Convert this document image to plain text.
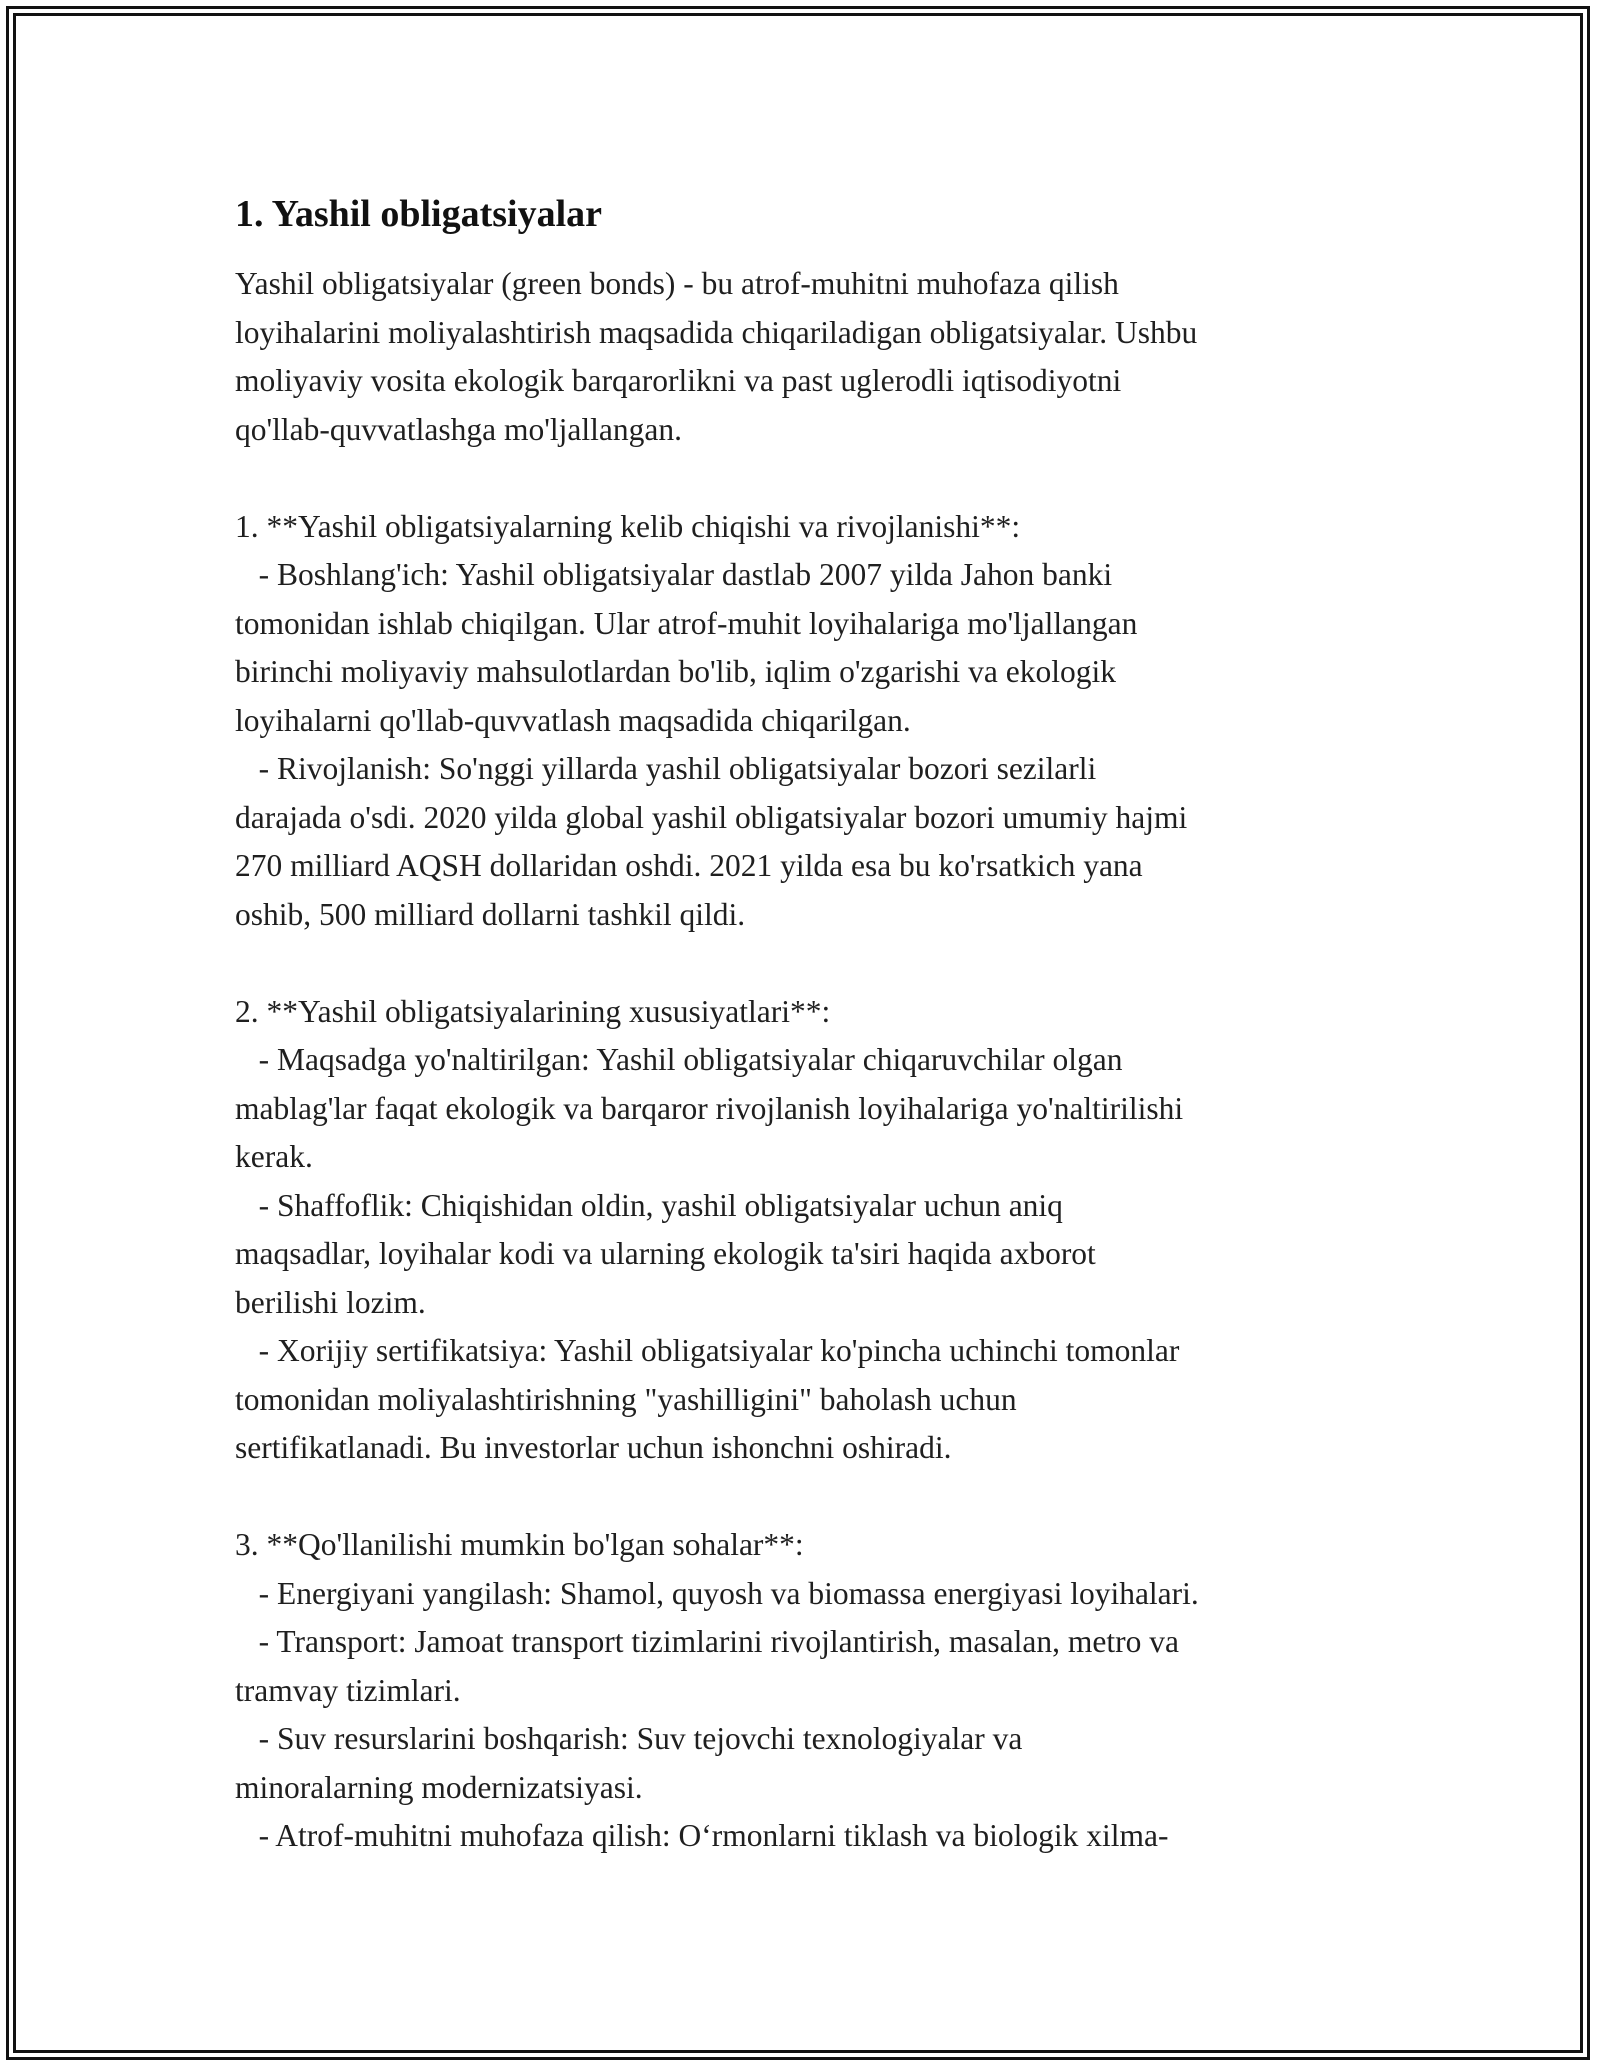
1. Yashil obligatsiyalar
Yashil obligatsiyalar (green bonds) - bu atrof-muhitni muhofaza qilish
loyihalarini moliyalashtirish maqsadida chiqariladigan obligatsiyalar. Ushbu
moliyaviy vosita ekologik barqarorlikni va past uglerodli iqtisodiyotni
qo'llab-quvvatlashga mo'ljallangan.
1. **Yashil obligatsiyalarning kelib chiqishi va rivojlanishi**:
- Boshlang'ich: Yashil obligatsiyalar dastlab 2007 yilda Jahon banki
tomonidan ishlab chiqilgan. Ular atrof-muhit loyihalariga mo'ljallangan
birinchi moliyaviy mahsulotlardan bo'lib, iqlim o'zgarishi va ekologik
loyihalarni qo'llab-quvvatlash maqsadida chiqarilgan.
- Rivojlanish: So'nggi yillarda yashil obligatsiyalar bozori sezilarli
darajada o'sdi. 2020 yilda global yashil obligatsiyalar bozori umumiy hajmi
270 milliard AQSH dollaridan oshdi. 2021 yilda esa bu ko'rsatkich yana
oshib, 500 milliard dollarni tashkil qildi.
2. **Yashil obligatsiyalarining xususiyatlari**:
- Maqsadga yo'naltirilgan: Yashil obligatsiyalar chiqaruvchilar olgan
mablag'lar faqat ekologik va barqaror rivojlanish loyihalariga yo'naltirilishi
kerak.
- Shaffoflik: Chiqishidan oldin, yashil obligatsiyalar uchun aniq
maqsadlar, loyihalar kodi va ularning ekologik ta'siri haqida axborot
berilishi lozim.
- Xorijiy sertifikatsiya: Yashil obligatsiyalar ko'pincha uchinchi tomonlar
tomonidan moliyalashtirishning "yashilligini" baholash uchun
sertifikatlanadi. Bu investorlar uchun ishonchni oshiradi.
3. **Qo'llanilishi mumkin bo'lgan sohalar**:
- Energiyani yangilash: Shamol, quyosh va biomassa energiyasi loyihalari.
- Transport: Jamoat transport tizimlarini rivojlantirish, masalan, metro va
tramvay tizimlari.
- Suv resurslarini boshqarish: Suv tejovchi texnologiyalar va
minoralarning modernizatsiyasi.
- Atrof-muhitni muhofaza qilish: O‘rmonlarni tiklash va biologik xilma-
